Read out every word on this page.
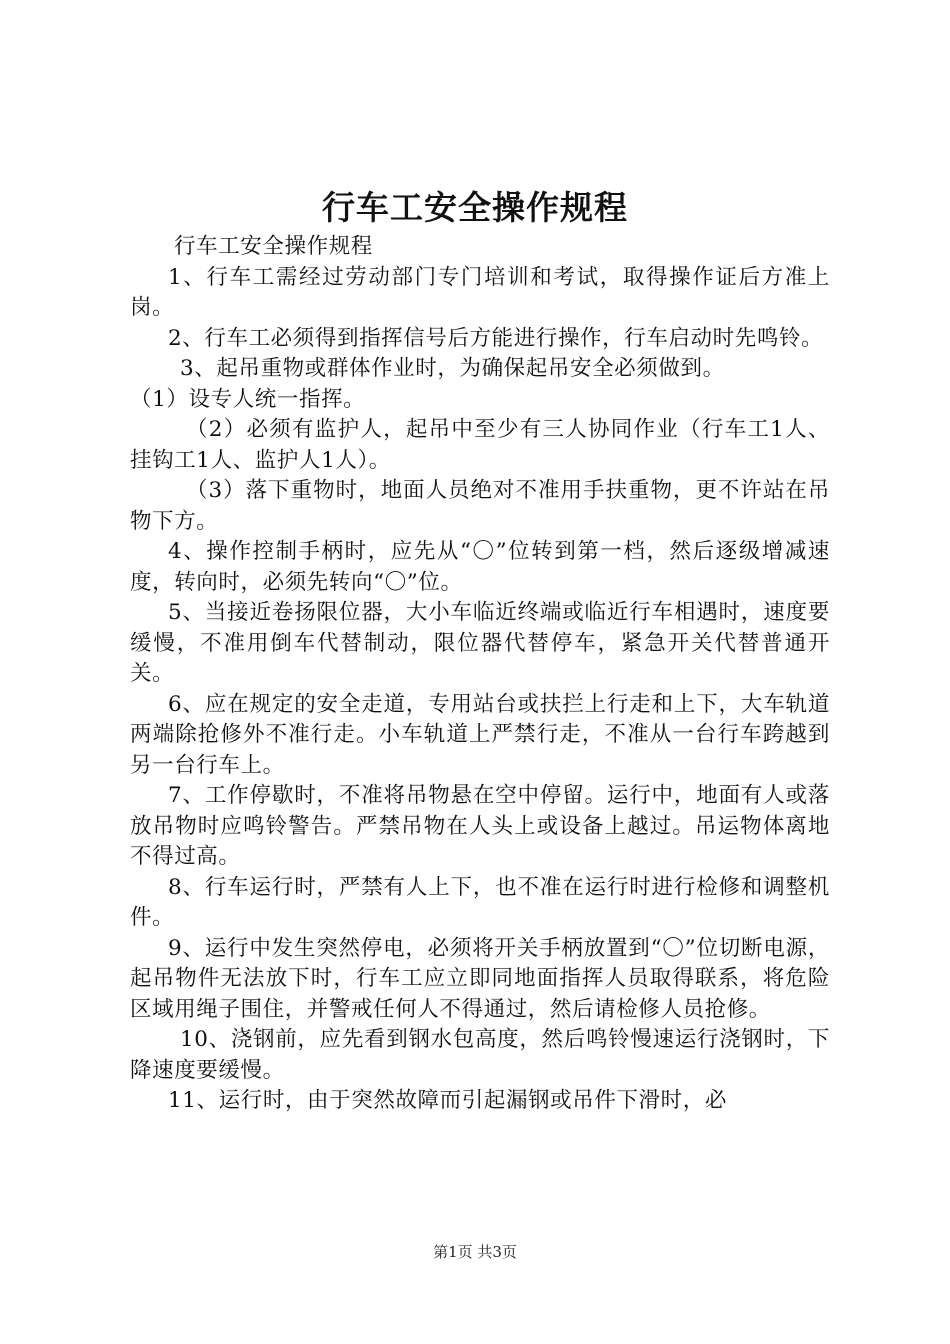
行车工安全操作规程

行车工安全操作规程

1、行车工需经过劳动部门专门培训和考试，取得操作证后方准上岗。

2、行车工必须得到指挥信号后方能进行操作，行车启动时先鸣铃。

3、起吊重物或群体作业时，为确保起吊安全必须做到。

（1）设专人统一指挥。

（2）必须有监护人，起吊中至少有三人协同作业（行车工1人、挂钩工1人、监护人1人）。

（3）落下重物时，地面人员绝对不准用手扶重物，更不许站在吊物下方。

4、操作控制手柄时，应先从“〇”位转到第一档，然后逐级增减速度，转向时，必须先转向“〇”位。

5、当接近卷扬限位器，大小车临近终端或临近行车相遇时，速度要缓慢，不准用倒车代替制动，限位器代替停车，紧急开关代替普通开关。

6、应在规定的安全走道，专用站台或扶拦上行走和上下，大车轨道两端除抢修外不准行走。小车轨道上严禁行走，不准从一台行车跨越到另一台行车上。

7、工作停歇时，不准将吊物悬在空中停留。运行中，地面有人或落放吊物时应鸣铃警告。严禁吊物在人头上或设备上越过。吊运物体离地不得过高。

8、行车运行时，严禁有人上下，也不准在运行时进行检修和调整机件。

9、运行中发生突然停电，必须将开关手柄放置到“〇”位切断电源，起吊物件无法放下时，行车工应立即同地面指挥人员取得联系，将危险区域用绳子围住，并警戒任何人不得通过，然后请检修人员抢修。

10、浇钢前，应先看到钢水包高度，然后鸣铃慢速运行浇钢时，下降速度要缓慢。

11、运行时，由于突然故障而引起漏钢或吊件下滑时，必

第1页 共3页
